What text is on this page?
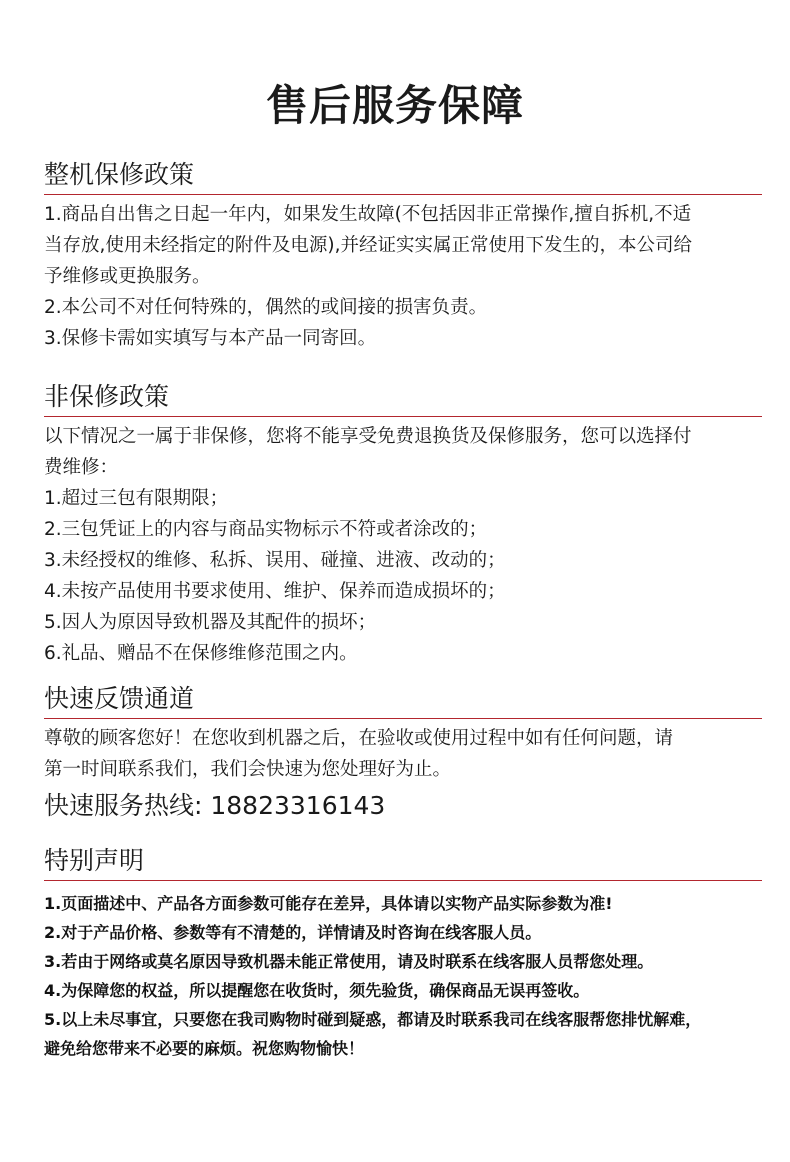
售后服务保障
整机保修政策
1.商品自出售之日起一年内，如果发生故障(不包括因非正常操作,擅自拆机,不适
当存放,使用未经指定的附件及电源),并经证实实属正常使用下发生的，本公司给
予维修或更换服务。
2.本公司不对任何特殊的，偶然的或间接的损害负责。
3.保修卡需如实填写与本产品一同寄回。
非保修政策
以下情况之一属于非保修，您将不能享受免费退换货及保修服务，您可以选择付
费维修：
1.超过三包有限期限；
2.三包凭证上的内容与商品实物标示不符或者涂改的；
3.未经授权的维修、私拆、误用、碰撞、进液、改动的；
4.未按产品使用书要求使用、维护、保养而造成损坏的；
5.因人为原因导致机器及其配件的损坏；
6.礼品、赠品不在保修维修范围之内。
快速反馈通道
尊敬的顾客您好！在您收到机器之后，在验收或使用过程中如有任何问题，请
第一时间联系我们，我们会快速为您处理好为止。
快速服务热线: 18823316143
特别声明
1.页面描述中、产品各方面参数可能存在差异，具体请以实物产品实际参数为准!
2.对于产品价格、参数等有不清楚的，详情请及时咨询在线客服人员。
3.若由于网络或莫名原因导致机器未能正常使用，请及时联系在线客服人员帮您处理。
4.为保障您的权益，所以提醒您在收货时，须先验货，确保商品无误再签收。
5.以上未尽事宜，只要您在我司购物时碰到疑惑，都请及时联系我司在线客服帮您排忧解难，
避免给您带来不必要的麻烦。祝您购物愉快！
